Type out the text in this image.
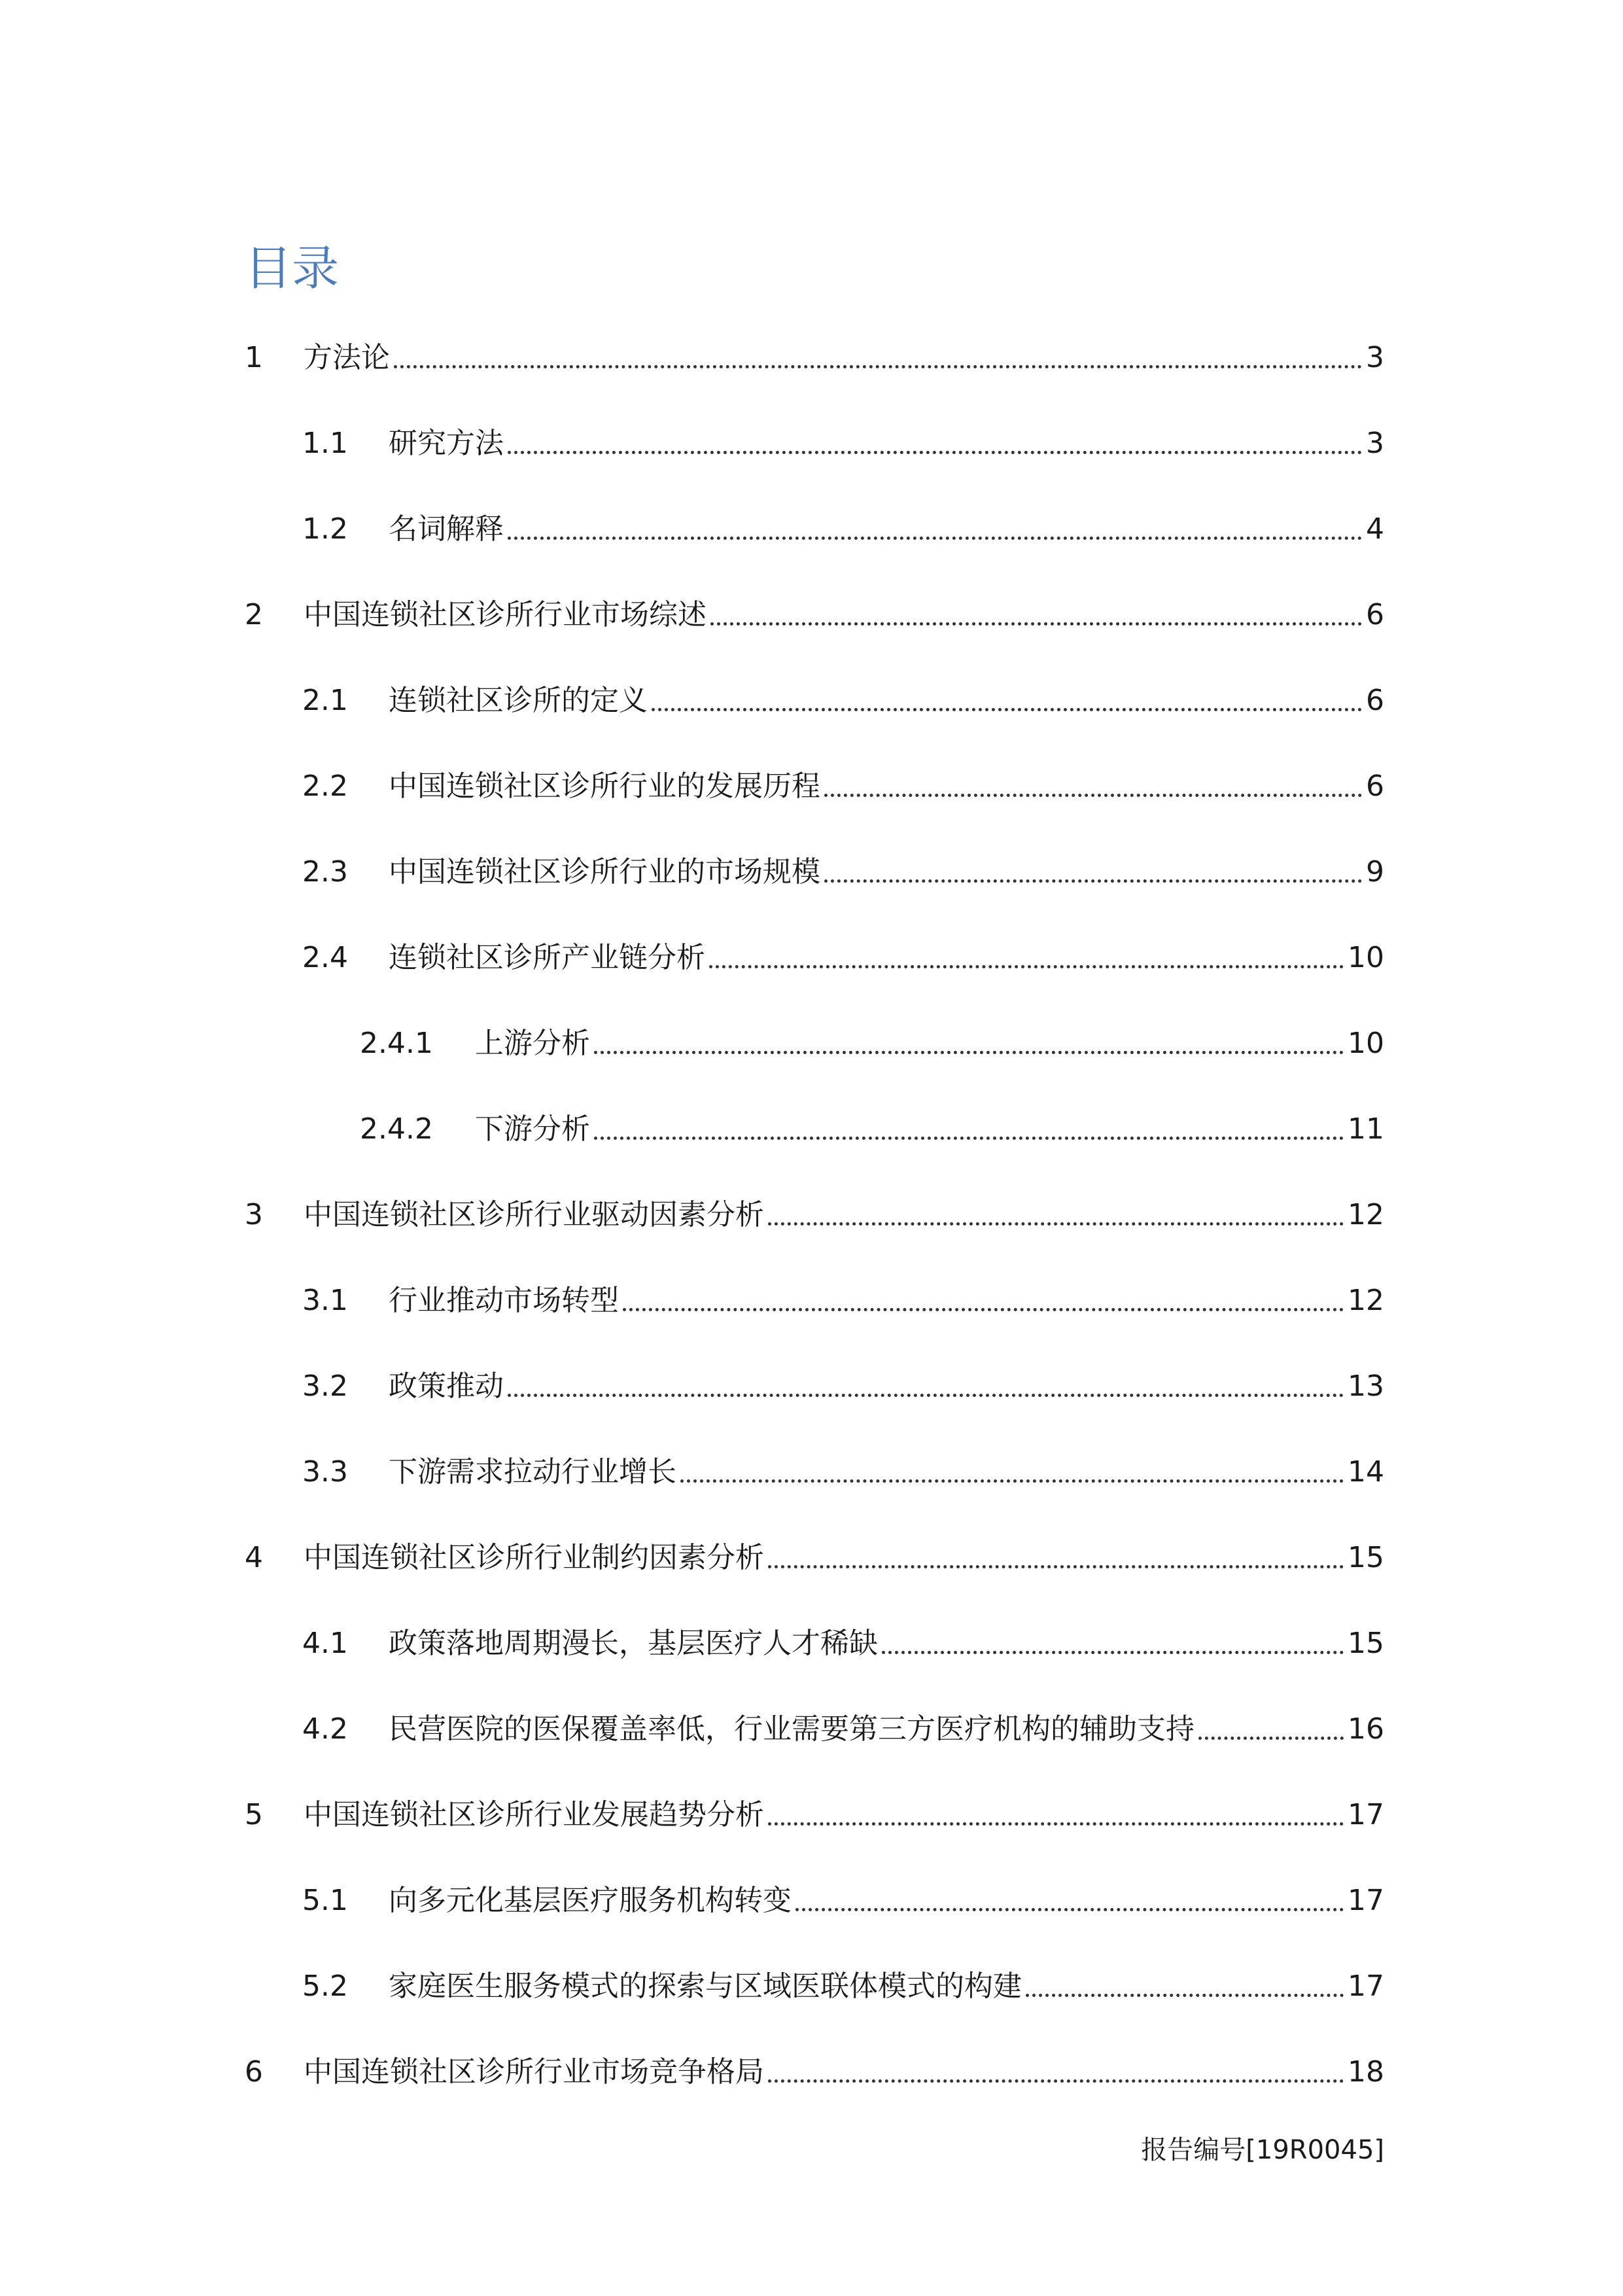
目录
1	方法论	3
1.1	研究方法	3
1.2	名词解释	4
2	中国连锁社区诊所行业市场综述	6
2.1	连锁社区诊所的定义	6
2.2	中国连锁社区诊所行业的发展历程	6
2.3	中国连锁社区诊所行业的市场规模	9
2.4	连锁社区诊所产业链分析	10
2.4.1	上游分析	10
2.4.2	下游分析	11
3	中国连锁社区诊所行业驱动因素分析	12
3.1	行业推动市场转型	12
3.2	政策推动	13
3.3	下游需求拉动行业增长	14
4	中国连锁社区诊所行业制约因素分析	15
4.1	政策落地周期漫长，基层医疗人才稀缺	15
4.2	民营医院的医保覆盖率低，行业需要第三方医疗机构的辅助支持	16
5	中国连锁社区诊所行业发展趋势分析	17
5.1	向多元化基层医疗服务机构转变	17
5.2	家庭医生服务模式的探索与区域医联体模式的构建	17
6	中国连锁社区诊所行业市场竞争格局	18
报告编号[19R0045]
